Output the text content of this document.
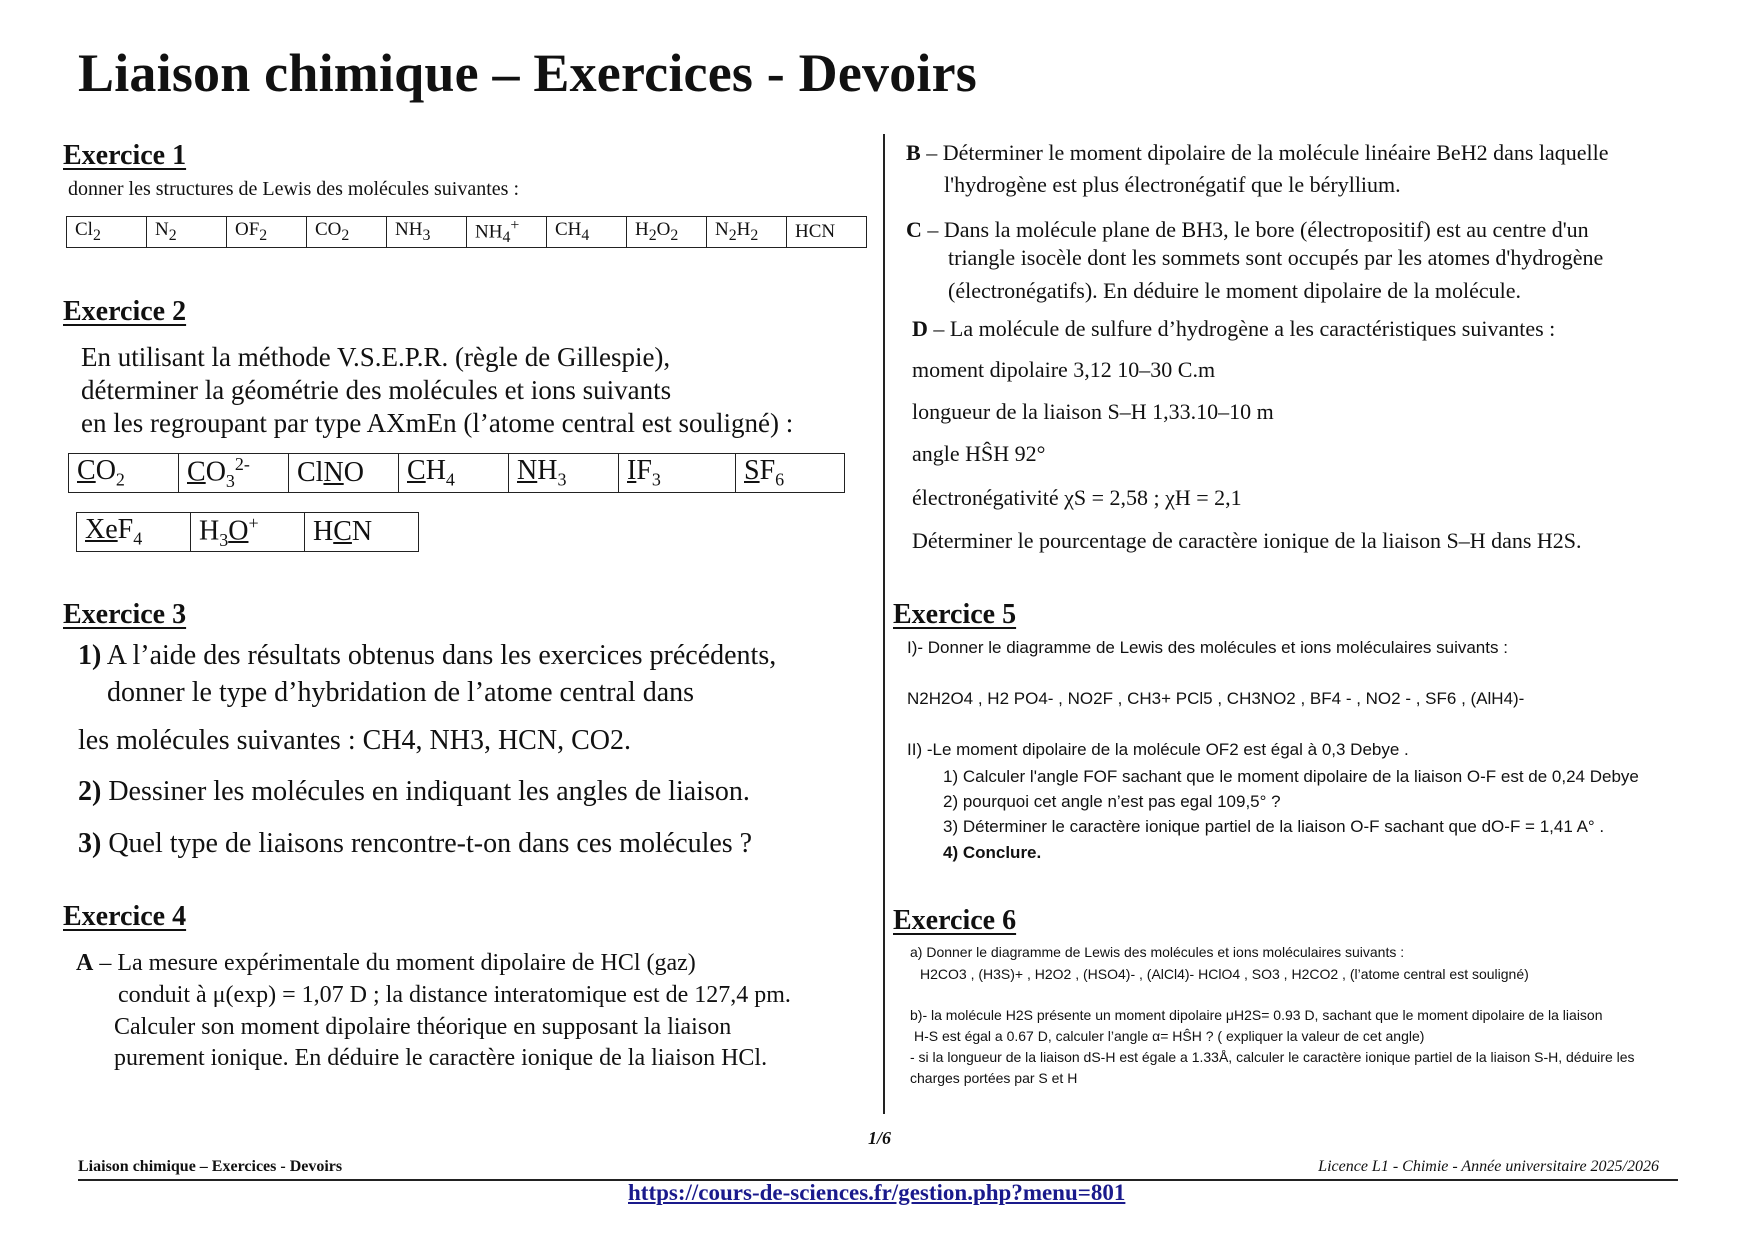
Liaison chimique – Exercices - Devoirs
Exercice 1
donner les structures de Lewis des molécules suivantes :
$Cl_2$	$N_2$	$OF_2$	$CO_2$	$NH_3$	$NH_4^+$	$CH_4$	$H_2O_2$	$N_2H_2$	HCN
Exercice 2
En utilisant la méthode V.S.E.P.R. (règle de Gillespie),
déterminer la géométrie des molécules et ions suivants
en les regroupant par type AXmEn (l’atome central est souligné) :
$CO_2$	$CO_3^{2-}$	ClNO	$CH_4$	$NH_3$	$IF_3$	$SF_6$
XeF$_4$	$H_3O^+$	HCN
Exercice 3
1) A l’aide des résultats obtenus dans les exercices précédents,
donner le type d’hybridation de l’atome central dans
les molécules suivantes : CH4, NH3, HCN, CO2.
2) Dessiner les molécules en indiquant les angles de liaison.
3) Quel type de liaisons rencontre-t-on dans ces molécules ?
Exercice 4
A – La mesure expérimentale du moment dipolaire de HCl (gaz)
conduit à μ(exp) = 1,07 D ; la distance interatomique est de 127,4 pm.
Calculer son moment dipolaire théorique en supposant la liaison
purement ionique. En déduire le caractère ionique de la liaison HCl.
B – Déterminer le moment dipolaire de la molécule linéaire BeH2 dans laquelle
l'hydrogène est plus électronégatif que le béryllium.
C – Dans la molécule plane de BH3, le bore (électropositif) est au centre d'un
triangle isocèle dont les sommets sont occupés par les atomes d'hydrogène
(électronégatifs). En déduire le moment dipolaire de la molécule.
D – La molécule de sulfure d’hydrogène a les caractéristiques suivantes :
moment dipolaire 3,12 10–30 C.m
longueur de la liaison S–H 1,33.10–10 m
angle HŜH 92°
électronégativité χS = 2,58 ; χH = 2,1
Déterminer le pourcentage de caractère ionique de la liaison S–H dans H2S.
Exercice 5
I)- Donner le diagramme de Lewis des molécules et ions moléculaires suivants :
N2H2O4 , H2 PO4- , NO2F , CH3+ PCl5 , CH3NO2 , BF4 - , NO2 - , SF6 , (AlH4)-
II) -Le moment dipolaire de la molécule OF2 est égal à 0,3 Debye .
1) Calculer l'angle FOF sachant que le moment dipolaire de la liaison O-F est de 0,24 Debye
2) pourquoi cet angle n’est pas egal 109,5° ?
3) Déterminer le caractère ionique partiel de la liaison O-F sachant que dO-F = 1,41 A° .
4) Conclure.
Exercice 6
a) Donner le diagramme de Lewis des molécules et ions moléculaires suivants :
H2CO3 , (H3S)+ , H2O2 , (HSO4)- , (AlCl4)- HClO4 , SO3 , H2CO2 , (l’atome central est souligné)
b)- la molécule H2S présente un moment dipolaire μH2S= 0.93 D, sachant que le moment dipolaire de la liaison
H-S est égal a 0.67 D, calculer l’angle α= HŜH ? ( expliquer la valeur de cet angle)
- si la longueur de la liaison dS-H est égale a 1.33Å, calculer le caractère ionique partiel de la liaison S-H, déduire les
charges portées par S et H
1/6
Liaison chimique – Exercices - Devoirs	Licence L1 - Chimie - Année universitaire 2025/2026
https://cours-de-sciences.fr/gestion.php?menu=801
